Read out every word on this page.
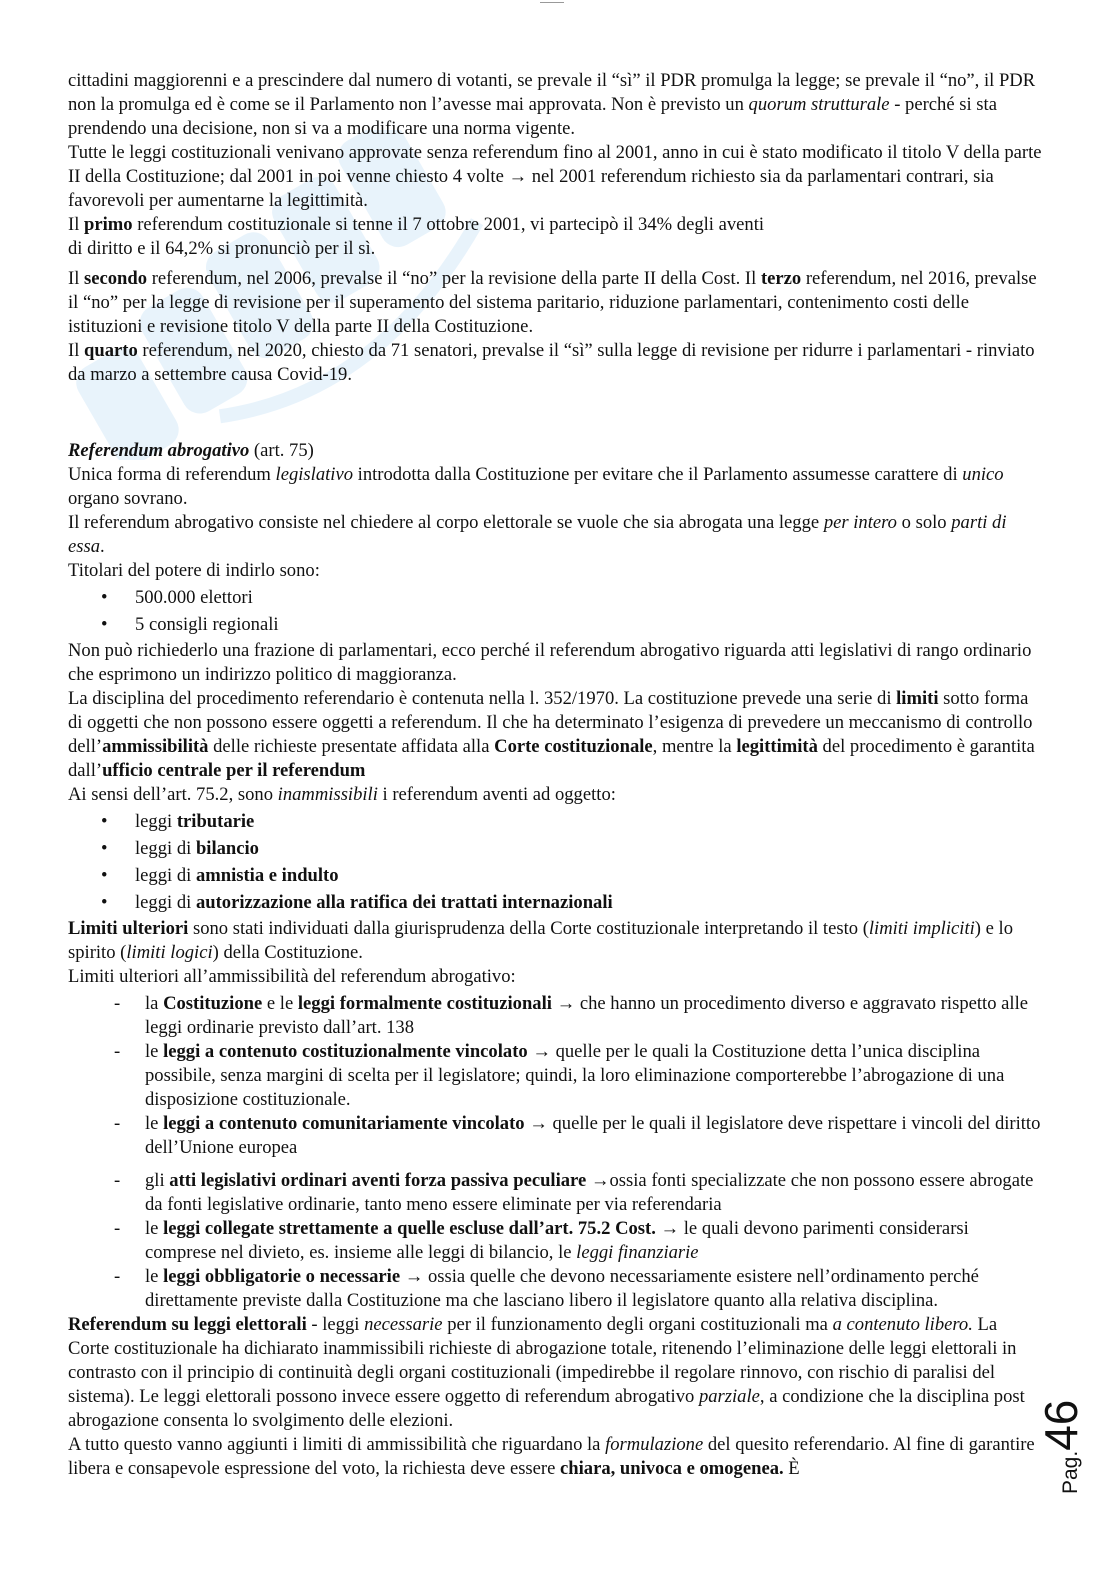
cittadini maggiorenni e a prescindere dal numero di votanti, se prevale il “sì” il PDR promulga la legge; se prevale il “no”, il PDR non la promulga ed è come se il Parlamento non l’avesse mai approvata. Non è previsto un quorum strutturale - perché si sta prendendo una decisione, non si va a modificare una norma vigente.

Tutte le leggi costituzionali venivano approvate senza referendum fino al 2001, anno in cui è stato modificato il titolo V della parte II della Costituzione; dal 2001 in poi venne chiesto 4 volte → nel 2001 referendum richiesto sia da parlamentari contrari, sia favorevoli per aumentarne la legittimità.

Il primo referendum costituzionale si tenne il 7 ottobre 2001, vi partecipò il 34% degli aventi
di diritto e il 64,2% si pronunciò per il sì.

Il secondo referendum, nel 2006, prevalse il “no” per la revisione della parte II della Cost. Il terzo referendum, nel 2016, prevalse il “no” per la legge di revisione per il superamento del sistema paritario, riduzione parlamentari, contenimento costi delle istituzioni e revisione titolo V della parte II della Costituzione.

Il quarto referendum, nel 2020, chiesto da 71 senatori, prevalse il “sì” sulla legge di revisione per ridurre i parlamentari - rinviato da marzo a settembre causa Covid-19.

Referendum abrogativo (art. 75)

Unica forma di referendum legislativo introdotta dalla Costituzione per evitare che il Parlamento assumesse carattere di unico organo sovrano.

Il referendum abrogativo consiste nel chiedere al corpo elettorale se vuole che sia abrogata una legge per intero o solo parti di essa.

Titolari del potere di indirlo sono:

• 500.000 elettori
• 5 consigli regionali

Non può richiederlo una frazione di parlamentari, ecco perché il referendum abrogativo riguarda atti legislativi di rango ordinario che esprimono un indirizzo politico di maggioranza.

La disciplina del procedimento referendario è contenuta nella l. 352/1970. La costituzione prevede una serie di limiti sotto forma di oggetti che non possono essere oggetti a referendum. Il che ha determinato l’esigenza di prevedere un meccanismo di controllo dell’ammissibilità delle richieste presentate affidata alla Corte costituzionale, mentre la legittimità del procedimento è garantita dall’ufficio centrale per il referendum

Ai sensi dell’art. 75.2, sono inammissibili i referendum aventi ad oggetto:

• leggi tributarie
• leggi di bilancio
• leggi di amnistia e indulto
• leggi di autorizzazione alla ratifica dei trattati internazionali

Limiti ulteriori sono stati individuati dalla giurisprudenza della Corte costituzionale interpretando il testo (limiti impliciti) e lo spirito (limiti logici) della Costituzione.

Limiti ulteriori all’ammissibilità del referendum abrogativo:

- la Costituzione e le leggi formalmente costituzionali → che hanno un procedimento diverso e aggravato rispetto alle leggi ordinarie previsto dall’art. 138
- le leggi a contenuto costituzionalmente vincolato → quelle per le quali la Costituzione detta l’unica disciplina possibile, senza margini di scelta per il legislatore; quindi, la loro eliminazione comporterebbe l’abrogazione di una disposizione costituzionale.
- le leggi a contenuto comunitariamente vincolato → quelle per le quali il legislatore deve rispettare i vincoli del diritto dell’Unione europea
- gli atti legislativi ordinari aventi forza passiva peculiare →ossia fonti specializzate che non possono essere abrogate da fonti legislative ordinarie, tanto meno essere eliminate per via referendaria
- le leggi collegate strettamente a quelle escluse dall’art. 75.2 Cost. → le quali devono parimenti considerarsi comprese nel divieto, es. insieme alle leggi di bilancio, le leggi finanziarie
- le leggi obbligatorie o necessarie → ossia quelle che devono necessariamente esistere nell’ordinamento perché direttamente previste dalla Costituzione ma che lasciano libero il legislatore quanto alla relativa disciplina.

Referendum su leggi elettorali - leggi necessarie per il funzionamento degli organi costituzionali ma a contenuto libero. La Corte costituzionale ha dichiarato inammissibili richieste di abrogazione totale, ritenendo l’eliminazione delle leggi elettorali in contrasto con il principio di continuità degli organi costituzionali (impedirebbe il regolare rinnovo, con rischio di paralisi del sistema). Le leggi elettorali possono invece essere oggetto di referendum abrogativo parziale, a condizione che la disciplina post abrogazione consenta lo svolgimento delle elezioni.

A tutto questo vanno aggiunti i limiti di ammissibilità che riguardano la formulazione del quesito referendario. Al fine di garantire libera e consapevole espressione del voto, la richiesta deve essere chiara, univoca e omogenea. È	Pag.46
